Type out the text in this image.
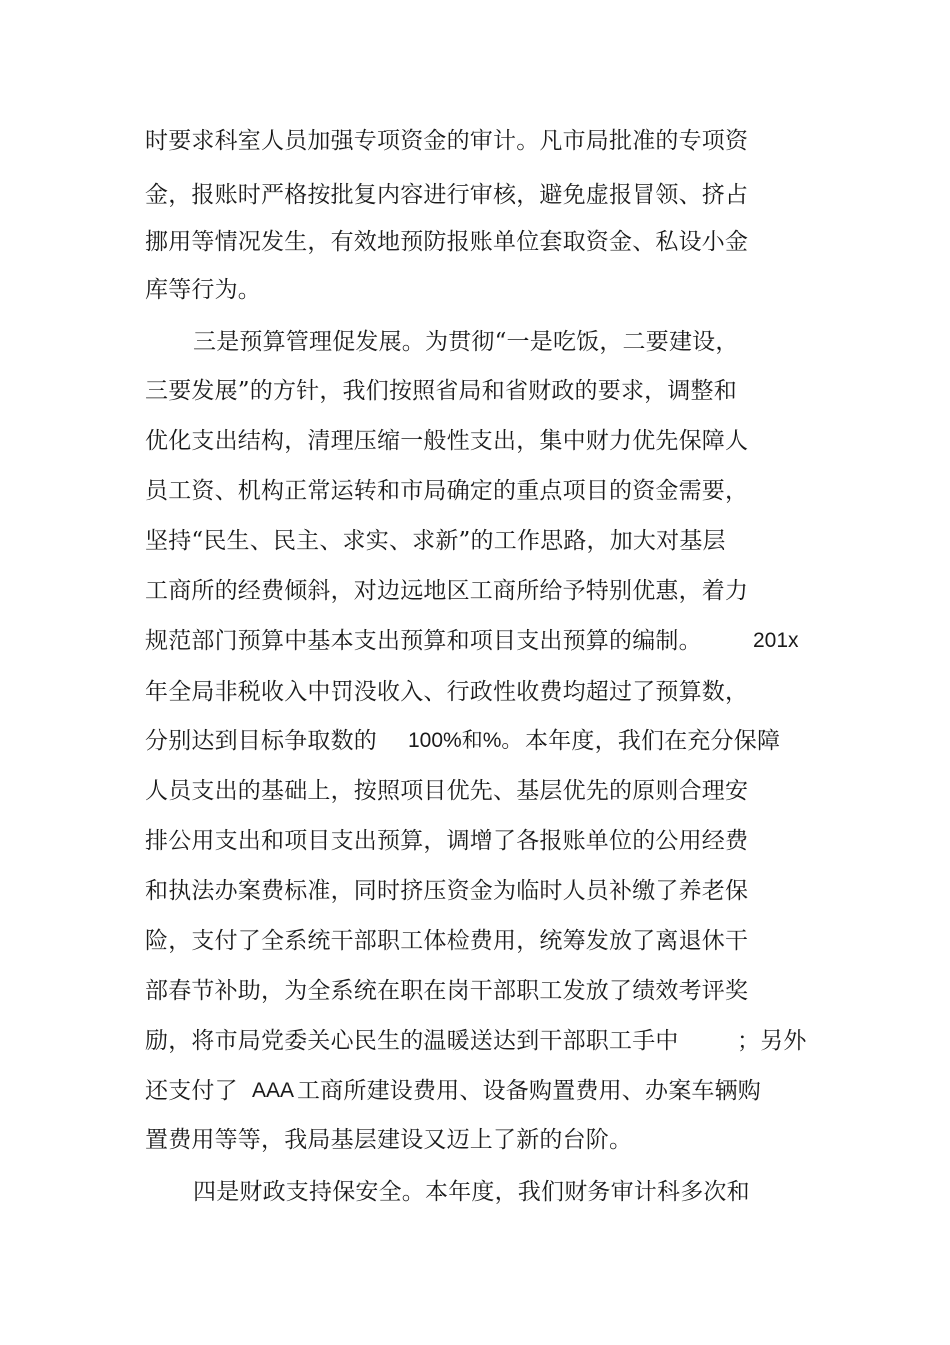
时要求科室人员加强专项资金的审计。凡市局批准的专项资
金，报账时严格按批复内容进行审核，避免虚报冒领、挤占
挪用等情况发生，有效地预防报账单位套取资金、私设小金
库等行为。
三是预算管理促发展。为贯彻“一是吃饭，二要建设，
三要发展”的方针，我们按照省局和省财政的要求，调整和
优化支出结构，清理压缩一般性支出，集中财力优先保障人
员工资、机构正常运转和市局确定的重点项目的资金需要，
坚持“民生、民主、求实、求新”的工作思路，加大对基层
工商所的经费倾斜，对边远地区工商所给予特别优惠，着力
规范部门预算中基本支出预算和项目支出预算的编制。 201x
年全局非税收入中罚没收入、行政性收费均超过了预算数，
分别达到目标争取数的 100%和%。 本年度，我们在充分保障
人员支出的基础上，按照项目优先、基层优先的原则合理安
排公用支出和项目支出预算，调增了各报账单位的公用经费
和执法办案费标准，同时挤压资金为临时人员补缴了养老保
险，支付了全系统干部职工体检费用，统筹发放了离退休干
部春节补助，为全系统在职在岗干部职工发放了绩效考评奖
励，将市局党委关心民生的温暖送达到干部职工手中	；另外
还支付了 AAA 工商所建设费用、设备购置费用、办案车辆购
置费用等等，我局基层建设又迈上了新的台阶。
四是财政支持保安全。本年度，我们财务审计科多次和
